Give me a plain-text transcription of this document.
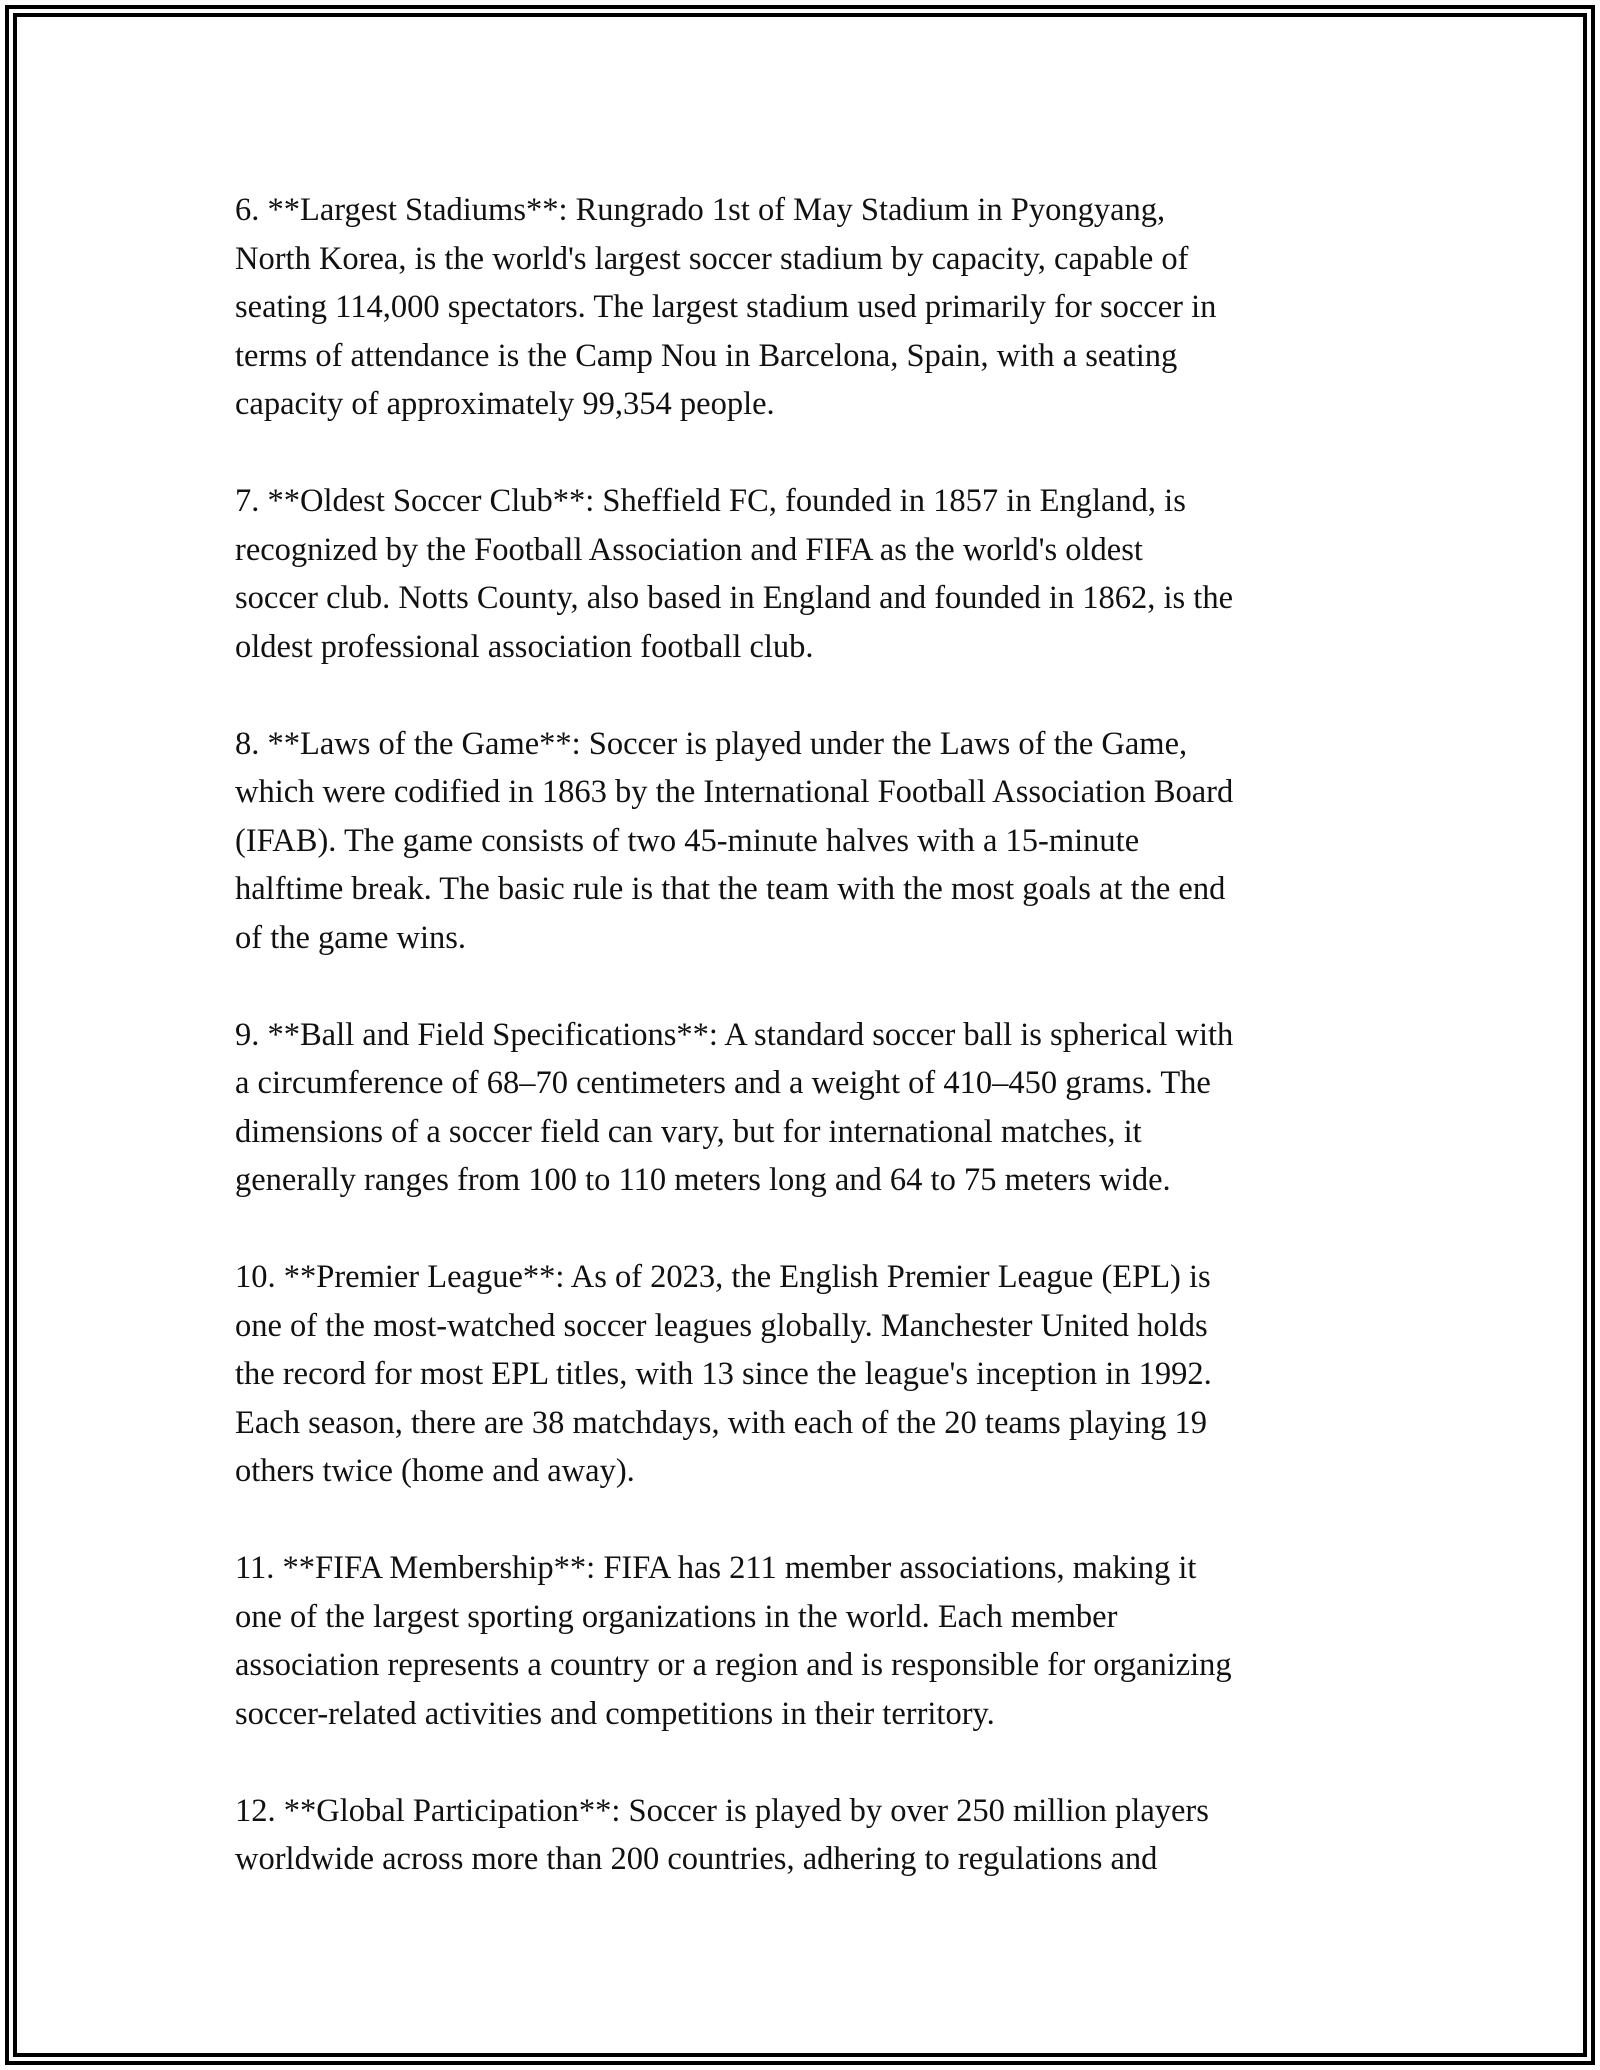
6. **Largest Stadiums**: Rungrado 1st of May Stadium in Pyongyang,
North Korea, is the world's largest soccer stadium by capacity, capable of
seating 114,000 spectators. The largest stadium used primarily for soccer in
terms of attendance is the Camp Nou in Barcelona, Spain, with a seating
capacity of approximately 99,354 people.

7. **Oldest Soccer Club**: Sheffield FC, founded in 1857 in England, is
recognized by the Football Association and FIFA as the world's oldest
soccer club. Notts County, also based in England and founded in 1862, is the
oldest professional association football club.

8. **Laws of the Game**: Soccer is played under the Laws of the Game,
which were codified in 1863 by the International Football Association Board
(IFAB). The game consists of two 45-minute halves with a 15-minute
halftime break. The basic rule is that the team with the most goals at the end
of the game wins.

9. **Ball and Field Specifications**: A standard soccer ball is spherical with
a circumference of 68–70 centimeters and a weight of 410–450 grams. The
dimensions of a soccer field can vary, but for international matches, it
generally ranges from 100 to 110 meters long and 64 to 75 meters wide.

10. **Premier League**: As of 2023, the English Premier League (EPL) is
one of the most-watched soccer leagues globally. Manchester United holds
the record for most EPL titles, with 13 since the league's inception in 1992.
Each season, there are 38 matchdays, with each of the 20 teams playing 19
others twice (home and away).

11. **FIFA Membership**: FIFA has 211 member associations, making it
one of the largest sporting organizations in the world. Each member
association represents a country or a region and is responsible for organizing
soccer-related activities and competitions in their territory.

12. **Global Participation**: Soccer is played by over 250 million players
worldwide across more than 200 countries, adhering to regulations and
